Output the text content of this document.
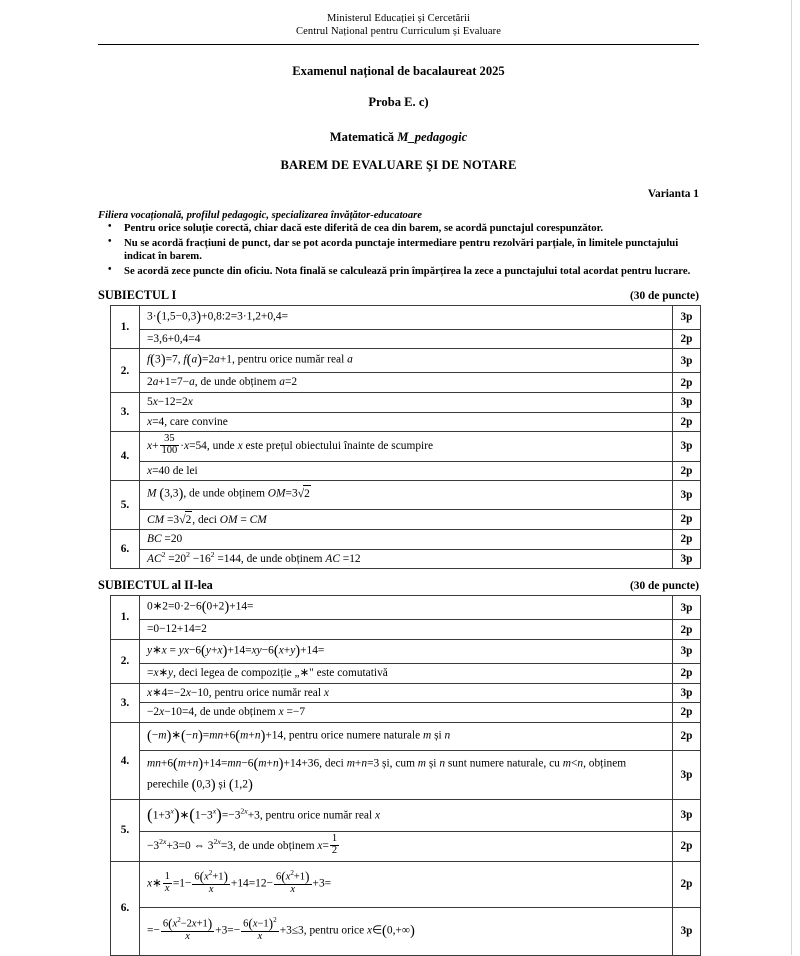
Ministerul Educației și Cercetării
Centrul Național pentru Curriculum și Evaluare
Examenul național de bacalaureat 2025
Proba E. c)
Matematică M_pedagogic
BAREM DE EVALUARE ŞI DE NOTARE
Varianta 1
Filiera vocațională, profilul pedagogic, specializarea învățător-educatoare
• Pentru orice soluție corectă, chiar dacă este diferită de cea din barem, se acordă punctajul corespunzător.
• Nu se acordă fracțiuni de punct, dar se pot acorda punctaje intermediare pentru rezolvări parțiale, în limitele punctajului indicat în barem.
• Se acordă zece puncte din oficiu. Nota finală se calculează prin împărțirea la zece a punctajului total acordat pentru lucrare.
SUBIECTUL I	(30 de puncte)
1.	3·(1,5−0,3)+0,8:2=3·1,2+0,4=	3p
	=3,6+0,4=4	2p
2.	f(3)=7, f(a)=2a+1, pentru orice număr real a	3p
	2a+1=7−a, de unde obținem a=2	2p
3.	5x−12=2x	3p
	x=4, care convine	2p
4.	$x+ \frac{35}{100} \cdot x=54$, unde x este prețul obiectului înainte de scumpire	3p
	x=40 de lei	2p
5.	M (3,3), de unde obținem OM=3√2	3p
	CM =3√2, deci OM = CM	2p
6.	BC =20	2p
	$AC^2 =20^2 -16^2 =144$, de unde obținem AC =12	3p
SUBIECTUL al II-lea	(30 de puncte)
1.	0∗2=0·2−6(0+2)+14=	3p
	=0−12+14=2	2p
2.	y∗x = yx−6(y+x)+14=xy−6(x+y)+14=	3p
	=x∗y, deci legea de compoziție „∗" este comutativă	2p
3.	x∗4=−2x−10, pentru orice număr real x	3p
	−2x−10=4, de unde obținem x =−7	2p
4.	(−m)∗(−n)=mn+6(m+n)+14, pentru orice numere naturale m și n	2p
	mn+6(m+n)+14=mn−6(m+n)+14+36, deci m+n=3 și, cum m și n sunt numere naturale, cu m<n, obținem perechile (0,3) și (1,2)	3p
5.	$(1+3^x)∗(1-3^x)=-3^{2x}+3$, pentru orice număr real x	3p
	$-3^{2x}+3=0$ ⇔ $3^{2x}=3$, de unde obținem $x= \frac{1}{2}$	2p
6.	x∗ $\frac{1}{x} =1- \frac{6(x^2+1)}{x} +14=12- \frac{6(x^2+1)}{x} +3=$	2p
=− $\frac{6(x^2-2x+1)}{x} +3=- \frac{6(x-1)^2}{x} +3\le 3$, pentru orice x∈(0,+∞)	3p
